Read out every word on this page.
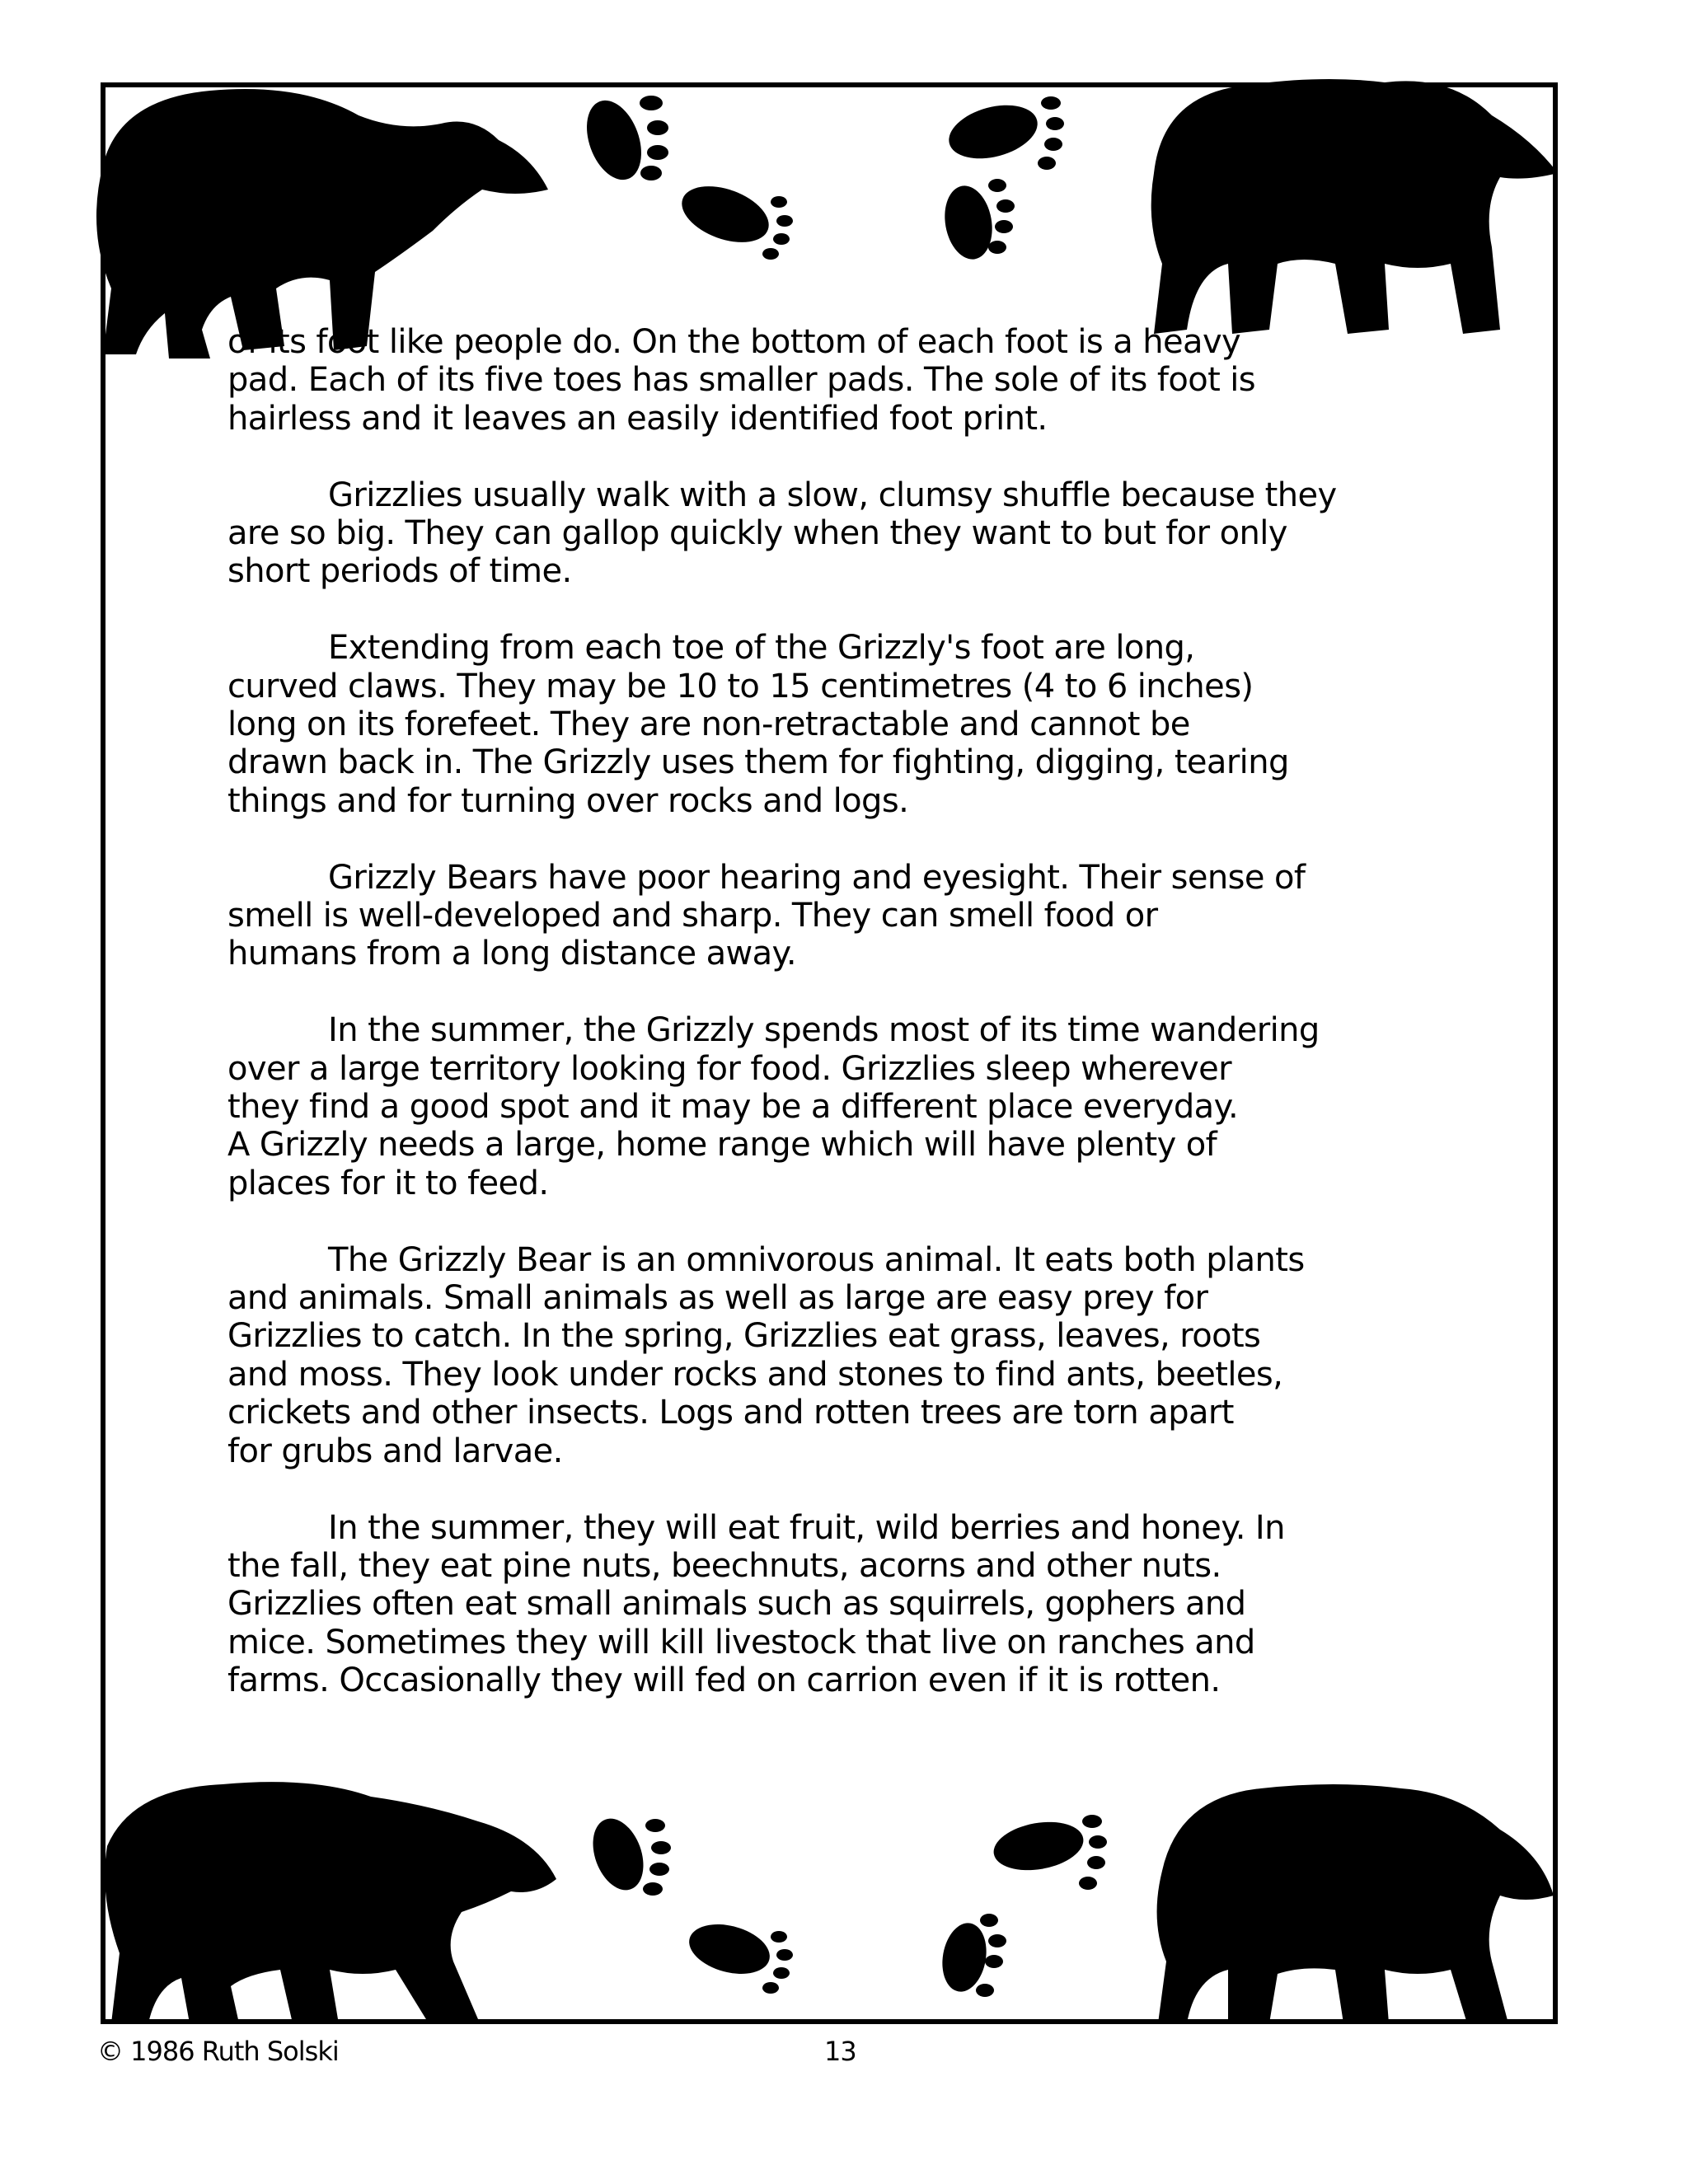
of its foot like people do. On the bottom of each foot is a heavy
pad. Each of its five toes has smaller pads. The sole of its foot is
hairless and it leaves an easily identified foot print.

Grizzlies usually walk with a slow, clumsy shuffle because they
are so big. They can gallop quickly when they want to but for only
short periods of time.

Extending from each toe of the Grizzly's foot are long,
curved claws. They may be 10 to 15 centimetres (4 to 6 inches)
long on its forefeet. They are non-retractable and cannot be
drawn back in. The Grizzly uses them for fighting, digging, tearing
things and for turning over rocks and logs.

Grizzly Bears have poor hearing and eyesight. Their sense of
smell is well-developed and sharp. They can smell food or
humans from a long distance away.

In the summer, the Grizzly spends most of its time wandering
over a large territory looking for food. Grizzlies sleep wherever
they find a good spot and it may be a different place everyday.
A Grizzly needs a large, home range which will have plenty of
places for it to feed.

The Grizzly Bear is an omnivorous animal. It eats both plants
and animals. Small animals as well as large are easy prey for
Grizzlies to catch. In the spring, Grizzlies eat grass, leaves, roots
and moss. They look under rocks and stones to find ants, beetles,
crickets and other insects. Logs and rotten trees are torn apart
for grubs and larvae.

In the summer, they will eat fruit, wild berries and honey. In
the fall, they eat pine nuts, beechnuts, acorns and other nuts.
Grizzlies often eat small animals such as squirrels, gophers and
mice. Sometimes they will kill livestock that live on ranches and
farms. Occasionally they will fed on carrion even if it is rotten.

© 1986 Ruth Solski	13
